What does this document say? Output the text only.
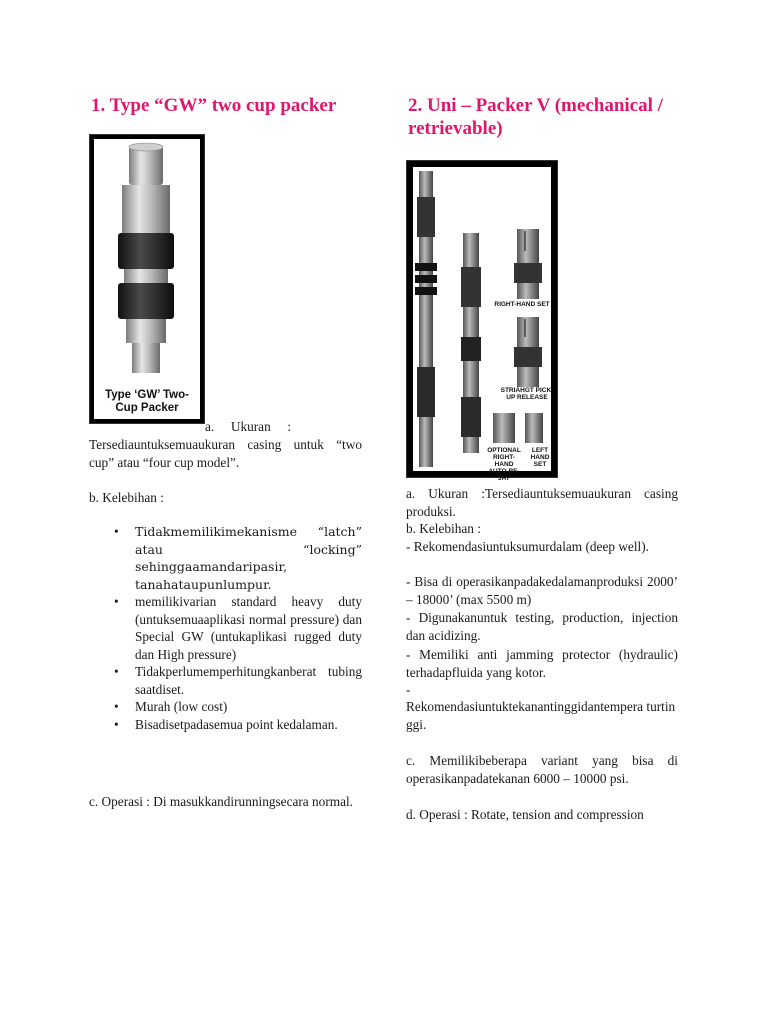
1. Type “GW” two cup packer
Type ‘GW’ Two-
Cup Packer

a.     Ukuran     :

Tersediauntuksemuaukuran casing untuk “two cup” atau “four cup model”.

b. Kelebihan :

• Tidakmemilikimekanisme “latch” atau “locking” sehinggaamandaripasir, tanahataupunlumpur.
• memilikivarian standard heavy duty (untuksemuaaplikasi normal pressure) dan Special GW (untukaplikasi rugged duty dan High pressure)
• Tidakperlumemperhitungkanberat tubing saatdiset.
• Murah (low cost)
• Bisadisetpadasemua point kedalaman.

c. Operasi : Di masukkandirunningsecara normal.

2. Uni – Packer V (mechanical / retrievable)
RIGHT-HAND SET
STRIAHGT PICK-UP RELEASE
OPTIONAL RIGHT-HAND AUTO RE-JAY
LEFT HAND SET

a. Ukuran :Tersediauntuksemuaukuran casing produksi.

b. Kelebihan :

- Rekomendasiuntuksumurdalam (deep well).

- Bisa di operasikanpadakedalamanproduksi 2000’ – 18000’ (max 5500 m)

- Digunakanuntuk testing, production, injection dan acidizing.

- Memiliki anti jamming protector (hydraulic) terhadapfluida yang kotor.

-

Rekomendasiuntuktekanantinggidantempera turtinggi.

c. Memilikibeberapa variant yang bisa di operasikanpadatekanan 6000 – 10000 psi.

d. Operasi : Rotate, tension and compression
